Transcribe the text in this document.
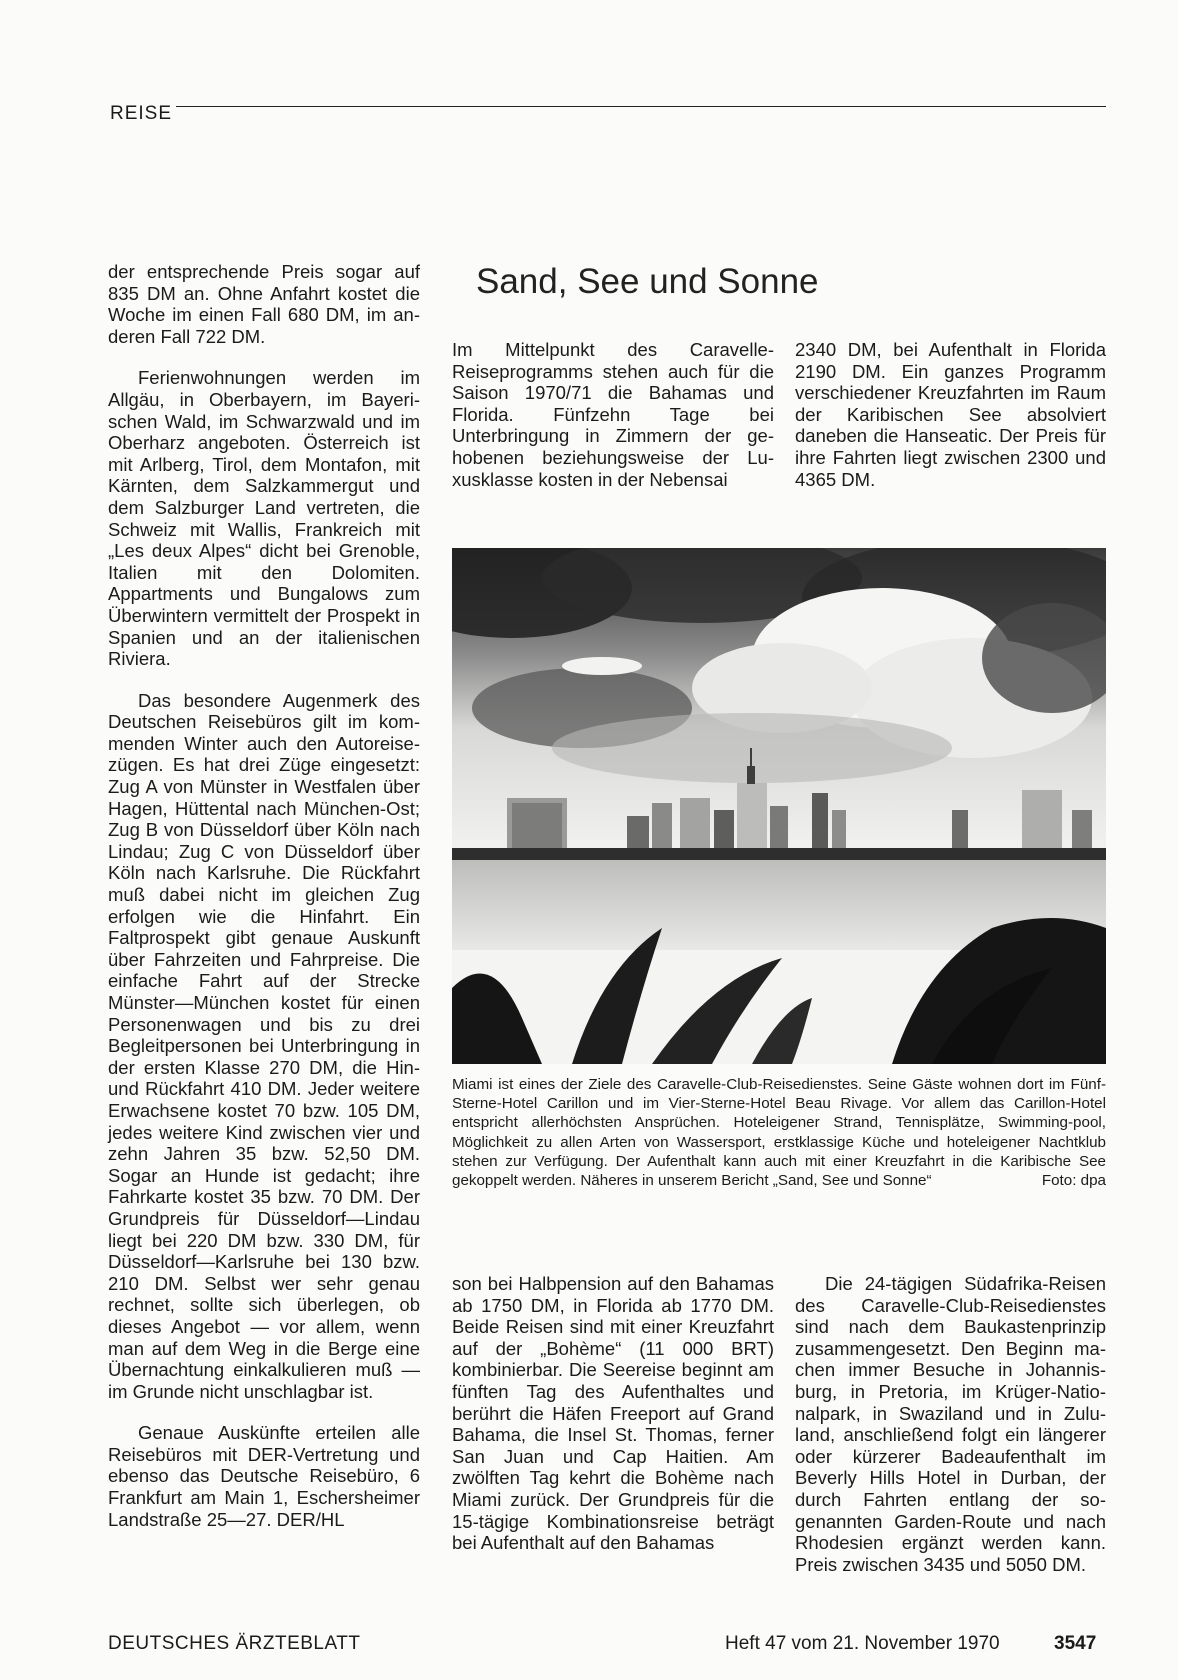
REISE

der entsprechende Preis sogar auf 835 DM an. Ohne Anfahrt kostet die Woche im einen Fall 680 DM, im anderen Fall 722 DM.

Ferienwohnungen werden im Allgäu, in Oberbayern, im Bayerischen Wald, im Schwarzwald und im Oberharz angeboten. Österreich ist mit Arlberg, Tirol, dem Montafon, mit Kärnten, dem Salzkammergut und dem Salzburger Land vertreten, die Schweiz mit Wallis, Frankreich mit „Les deux Alpes“ dicht bei Grenoble, Italien mit den Dolomiten. Appartments und Bungalows zum Überwintern vermittelt der Prospekt in Spanien und an der italienischen Riviera.

Das besondere Augenmerk des Deutschen Reisebüros gilt im kommenden Winter auch den Autoreisezügen. Es hat drei Züge eingesetzt: Zug A von Münster in Westfalen über Hagen, Hüttental nach München-Ost; Zug B von Düsseldorf über Köln nach Lindau; Zug C von Düsseldorf über Köln nach Karlsruhe. Die Rückfahrt muß dabei nicht im gleichen Zug erfolgen wie die Hinfahrt. Ein Faltprospekt gibt genaue Auskunft über Fahrzeiten und Fahrpreise. Die einfache Fahrt auf der Strecke Münster—München kostet für einen Personenwagen und bis zu drei Begleitpersonen bei Unterbringung in der ersten Klasse 270 DM, die Hin- und Rückfahrt 410 DM. Jeder weitere Erwachsene kostet 70 bzw. 105 DM, jedes weitere Kind zwischen vier und zehn Jahren 35 bzw. 52,50 DM. Sogar an Hunde ist gedacht; ihre Fahrkarte kostet 35 bzw. 70 DM. Der Grundpreis für Düsseldorf—Lindau liegt bei 220 DM bzw. 330 DM, für Düsseldorf—Karlsruhe bei 130 bzw. 210 DM. Selbst wer sehr genau rechnet, sollte sich überlegen, ob dieses Angebot — vor allem, wenn man auf dem Weg in die Berge eine Übernachtung einkalkulieren muß — im Grunde nicht unschlagbar ist.

Genaue Auskünfte erteilen alle Reisebüros mit DER-Vertretung und ebenso das Deutsche Reisebüro, 6 Frankfurt am Main 1, Eschersheimer Landstraße 25—27. DER/HL

Sand, See und Sonne

Im Mittelpunkt des Caravelle-Reiseprogramms stehen auch für die Saison 1970/71 die Bahamas und Florida. Fünfzehn Tage bei Unterbringung in Zimmern der gehobenen beziehungsweise der Luxusklasse kosten in der Nebensai

2340 DM, bei Aufenthalt in Florida 2190 DM. Ein ganzes Programm verschiedener Kreuzfahrten im Raum der Karibischen See absolviert daneben die Hanseatic. Der Preis für ihre Fahrten liegt zwischen 2300 und 4365 DM.

Miami ist eines der Ziele des Caravelle-Club-Reisedienstes. Seine Gäste wohnen dort im Fünf-Sterne-Hotel Carillon und im Vier-Sterne-Hotel Beau Rivage. Vor allem das Carillon-Hotel entspricht allerhöchsten Ansprüchen. Hoteleigener Strand, Tennisplätze, Swimming-pool, Möglichkeit zu allen Arten von Wassersport, erstklassige Küche und hoteleigener Nachtklub stehen zur Verfügung. Der Aufenthalt kann auch mit einer Kreuzfahrt in die Karibische See gekoppelt werden. Näheres in unserem Bericht „Sand, See und Sonne“	Foto: dpa

son bei Halbpension auf den Bahamas ab 1750 DM, in Florida ab 1770 DM. Beide Reisen sind mit einer Kreuzfahrt auf der „Bohème“ (11 000 BRT) kombinierbar. Die Seereise beginnt am fünften Tag des Aufenthaltes und berührt die Häfen Freeport auf Grand Bahama, die Insel St. Thomas, ferner San Juan und Cap Haitien. Am zwölften Tag kehrt die Bohème nach Miami zurück. Der Grundpreis für die 15-tägige Kombinationsreise beträgt bei Aufenthalt auf den Bahamas

Die 24-tägigen Südafrika-Reisen des Caravelle-Club-Reisedienstes sind nach dem Baukastenprinzip zusammengesetzt. Den Beginn machen immer Besuche in Johannisburg, in Pretoria, im Krüger-Nationalpark, in Swaziland und in Zululand, anschließend folgt ein längerer oder kürzerer Badeaufenthalt im Beverly Hills Hotel in Durban, der durch Fahrten entlang der sogenannten Garden-Route und nach Rhodesien ergänzt werden kann. Preis zwischen 3435 und 5050 DM.

DEUTSCHES ÄRZTEBLATT	Heft 47 vom 21. November 1970	3547
